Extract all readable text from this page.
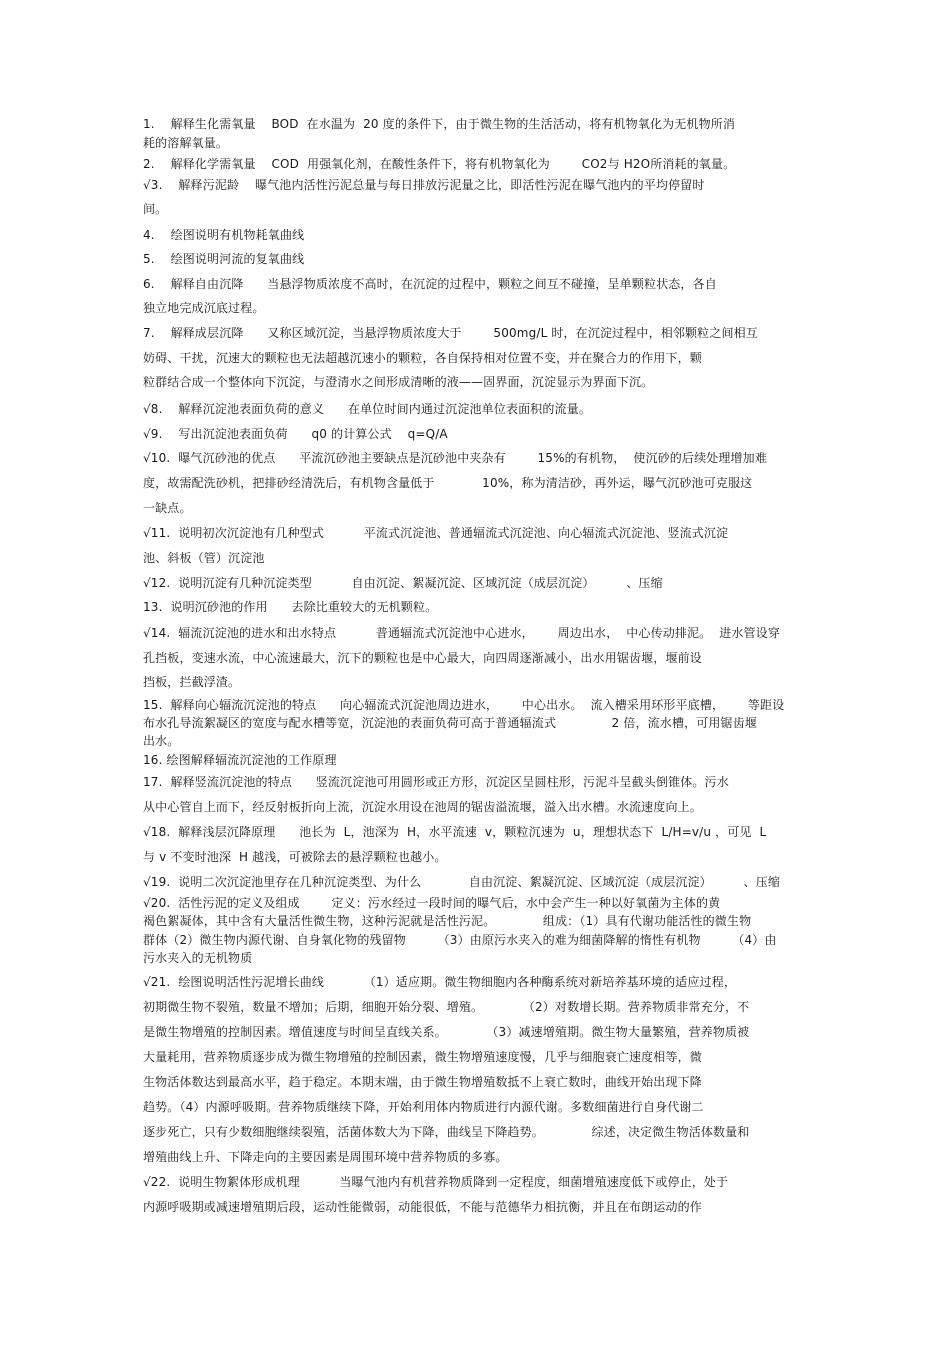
1.    解释生化需氧量    BOD  在水温为  20 度的条件下，由于微生物的生活活动，将有机物氧化为无机物所消
耗的溶解氧量。
2.    解释化学需氧量    COD  用强氧化剂，在酸性条件下，将有机物氧化为        CO2与 H2O所消耗的氧量。
√3.    解释污泥龄    曝气池内活性污泥总量与每日排放污泥量之比，即活性污泥在曝气池内的平均停留时
间。
4.    绘图说明有机物耗氧曲线
5.    绘图说明河流的复氧曲线
6.    解释自由沉降      当悬浮物质浓度不高时，在沉淀的过程中，颗粒之间互不碰撞，呈单颗粒状态，各自
独立地完成沉底过程。
7.    解释成层沉降      又称区域沉淀，当悬浮物质浓度大于        500mg/L 时，在沉淀过程中，相邻颗粒之间相互
妨碍、干扰，沉速大的颗粒也无法超越沉速小的颗粒，各自保持相对位置不变，并在聚合力的作用下，颗
粒群结合成一个整体向下沉淀，与澄清水之间形成清晰的液——固界面，沉淀显示为界面下沉。
√8.    解释沉淀池表面负荷的意义      在单位时间内通过沉淀池单位表面积的流量。
√9.    写出沉淀池表面负荷      q0 的计算公式    q=Q/A
√10.  曝气沉砂池的优点      平流沉砂池主要缺点是沉砂池中夹杂有        15%的有机物，  使沉砂的后续处理增加难
度，故需配洗砂机，把排砂经清洗后，有机物含量低于            10%，称为清洁砂，再外运，曝气沉砂池可克服这
一缺点。
√11.  说明初次沉淀池有几种型式          平流式沉淀池、普通辐流式沉淀池、向心辐流式沉淀池、竖流式沉淀
池、斜板（管）沉淀池
√12.  说明沉淀有几种沉淀类型          自由沉淀、絮凝沉淀、区域沉淀（成层沉淀）        、压缩
13.  说明沉砂池的作用      去除比重较大的无机颗粒。
√14.  辐流沉淀池的进水和出水特点          普通辐流式沉淀池中心进水，      周边出水，  中心传动排泥。  进水管设穿
孔挡板，变速水流，中心流速最大，沉下的颗粒也是中心最大，向四周逐渐减小，出水用锯齿堰，堰前设
挡板，拦截浮渣。
15.  解释向心辐流沉淀池的特点      向心辐流式沉淀池周边进水，      中心出水。  流入槽采用环形平底槽，      等距设
布水孔导流絮凝区的宽度与配水槽等宽，沉淀池的表面负荷可高于普通辐流式              2 倍，流水槽，可用锯齿堰
出水。
16. 绘图解释辐流沉淀池的工作原理
17.  解释竖流沉淀池的特点      竖流沉淀池可用圆形或正方形，沉淀区呈圆柱形，污泥斗呈截头倒锥体。污水
从中心管自上而下，经反射板折向上流，沉淀水用设在池周的锯齿溢流堰，溢入出水槽。水流速度向上。
√18.  解释浅层沉降原理      池长为  L，池深为  H，水平流速  v，颗粒沉速为  u，理想状态下  L/H=v/u ，可见  L
与 v 不变时池深  H 越浅，可被除去的悬浮颗粒也越小。
√19.  说明二次沉淀池里存在几种沉淀类型、为什么            自由沉淀、絮凝沉淀、区域沉淀（成层沉淀）        、压缩
√20.  活性污泥的定义及组成        定义：污水经过一段时间的曝气后，水中会产生一种以好氧菌为主体的黄
褐色絮凝体，其中含有大量活性微生物，这种污泥就是活性污泥。            组成：（1）具有代谢功能活性的微生物
群体（2）微生物内源代谢、自身氧化物的残留物        （3）由原污水夹入的难为细菌降解的惰性有机物        （4）由
污水夹入的无机物质
√21.  绘图说明活性污泥增长曲线          （1）适应期。微生物细胞内各种酶系统对新培养基环境的适应过程，
初期微生物不裂殖，数量不增加；后期，细胞开始分裂、增殖。          （2）对数增长期。营养物质非常充分，不
是微生物增殖的控制因素。增值速度与时间呈直线关系。          （3）减速增殖期。微生物大量繁殖，营养物质被
大量耗用，营养物质逐步成为微生物增殖的控制因素，微生物增殖速度慢，几乎与细胞衰亡速度相等，微
生物活体数达到最高水平，趋于稳定。本期末端，由于微生物增殖数抵不上衰亡数时，曲线开始出现下降
趋势。（4）内源呼吸期。营养物质继续下降，开始利用体内物质进行内源代谢。多数细菌进行自身代谢二
逐步死亡，只有少数细胞继续裂殖，活菌体数大为下降，曲线呈下降趋势。            综述，决定微生物活体数量和
增殖曲线上升、下降走向的主要因素是周围环境中营养物质的多寡。
√22.  说明生物絮体形成机理          当曝气池内有机营养物质降到一定程度，细菌增殖速度低下或停止，处于
内源呼吸期或减速增殖期后段，运动性能微弱，动能很低，不能与范德华力相抗衡，并且在布朗运动的作
